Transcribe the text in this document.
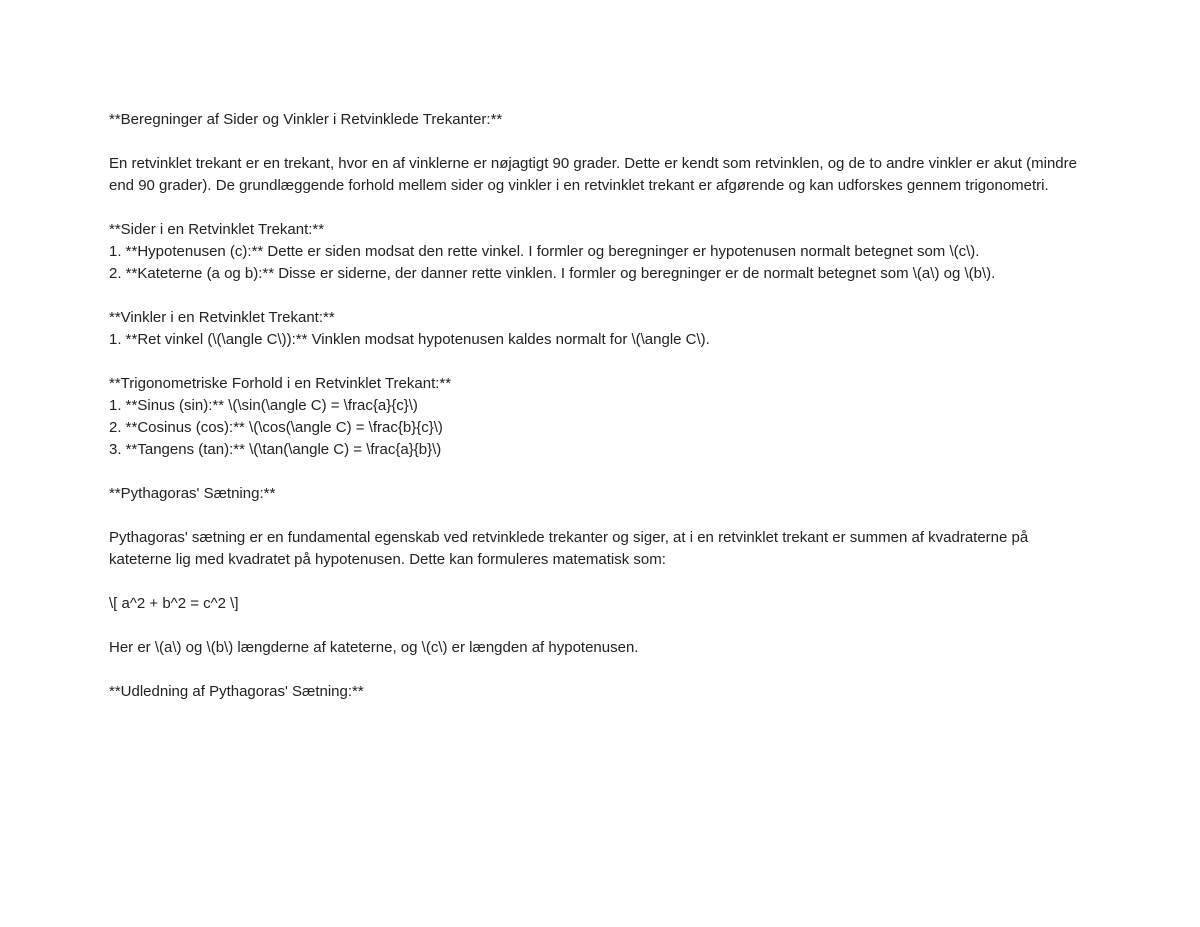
**Beregninger af Sider og Vinkler i Retvinklede Trekanter:**
En retvinklet trekant er en trekant, hvor en af vinklerne er nøjagtigt 90 grader. Dette er kendt som retvinklen, og de to andre vinkler er akut (mindre end 90 grader). De grundlæggende forhold mellem sider og vinkler i en retvinklet trekant er afgørende og kan udforskes gennem trigonometri.
**Sider i en Retvinklet Trekant:**
1. **Hypotenusen (c):** Dette er siden modsat den rette vinkel. I formler og beregninger er hypotenusen normalt betegnet som \(c\).
2. **Kateterne (a og b):** Disse er siderne, der danner rette vinklen. I formler og beregninger er de normalt betegnet som \(a\) og \(b\).
**Vinkler i en Retvinklet Trekant:**
1. **Ret vinkel (\(\angle C\)):** Vinklen modsat hypotenusen kaldes normalt for \(\angle C\).
**Trigonometriske Forhold i en Retvinklet Trekant:**
1. **Sinus (sin):** \(\sin(\angle C) = \frac{a}{c}\)
2. **Cosinus (cos):** \(\cos(\angle C) = \frac{b}{c}\)
3. **Tangens (tan):** \(\tan(\angle C) = \frac{a}{b}\)
**Pythagoras' Sætning:**
Pythagoras' sætning er en fundamental egenskab ved retvinklede trekanter og siger, at i en retvinklet trekant er summen af kvadraterne på kateterne lig med kvadratet på hypotenusen. Dette kan formuleres matematisk som:
\[ a^2 + b^2 = c^2 \]
Her er \(a\) og \(b\) længderne af kateterne, og \(c\) er længden af hypotenusen.
**Udledning af Pythagoras' Sætning:**
